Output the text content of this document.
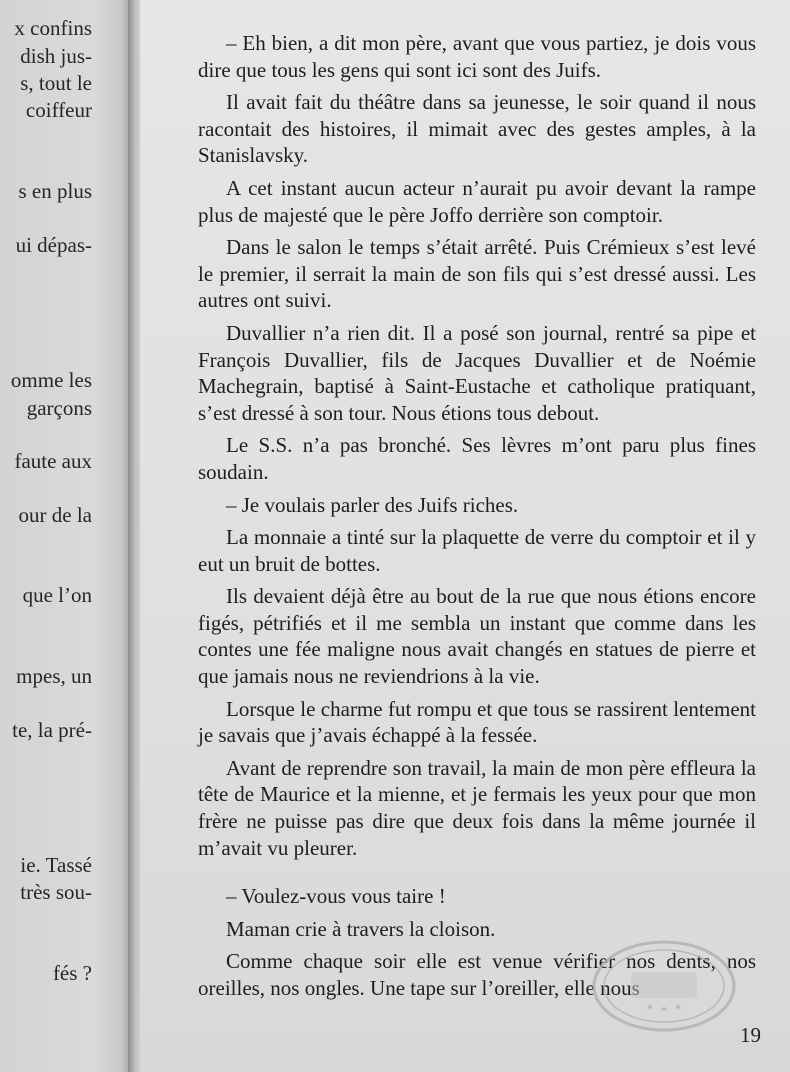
x confins
dish jus-
s, tout le
coiffeur
s en plus
ui dépas-
omme les
garçons
faute aux
our de la
que l’on
mpes, un
te, la pré-
ie. Tassé
très sou-
fés ?

– Eh bien, a dit mon père, avant que vous partiez, je dois vous dire que tous les gens qui sont ici sont des Juifs.

Il avait fait du théâtre dans sa jeunesse, le soir quand il nous racontait des histoires, il mimait avec des gestes amples, à la Stanislavsky.

A cet instant aucun acteur n’aurait pu avoir devant la rampe plus de majesté que le père Joffo derrière son comptoir.

Dans le salon le temps s’était arrêté. Puis Crémieux s’est levé le premier, il serrait la main de son fils qui s’est dressé aussi. Les autres ont suivi.

Duvallier n’a rien dit. Il a posé son journal, rentré sa pipe et François Duvallier, fils de Jacques Duvallier et de Noémie Machegrain, baptisé à Saint-Eustache et catholique pratiquant, s’est dressé à son tour. Nous étions tous debout.

Le S.S. n’a pas bronché. Ses lèvres m’ont paru plus fines soudain.

– Je voulais parler des Juifs riches.

La monnaie a tinté sur la plaquette de verre du comptoir et il y eut un bruit de bottes.

Ils devaient déjà être au bout de la rue que nous étions encore figés, pétrifiés et il me sembla un instant que comme dans les contes une fée maligne nous avait changés en statues de pierre et que jamais nous ne reviendrions à la vie.

Lorsque le charme fut rompu et que tous se rassirent lentement je savais que j’avais échappé à la fessée.

Avant de reprendre son travail, la main de mon père effleura la tête de Maurice et la mienne, et je fermais les yeux pour que mon frère ne puisse pas dire que deux fois dans la même journée il m’avait vu pleurer.

– Voulez-vous vous taire !

Maman crie à travers la cloison.

Comme chaque soir elle est venue vérifier nos dents, nos oreilles, nos ongles. Une tape sur l’oreiller, elle nous

19
